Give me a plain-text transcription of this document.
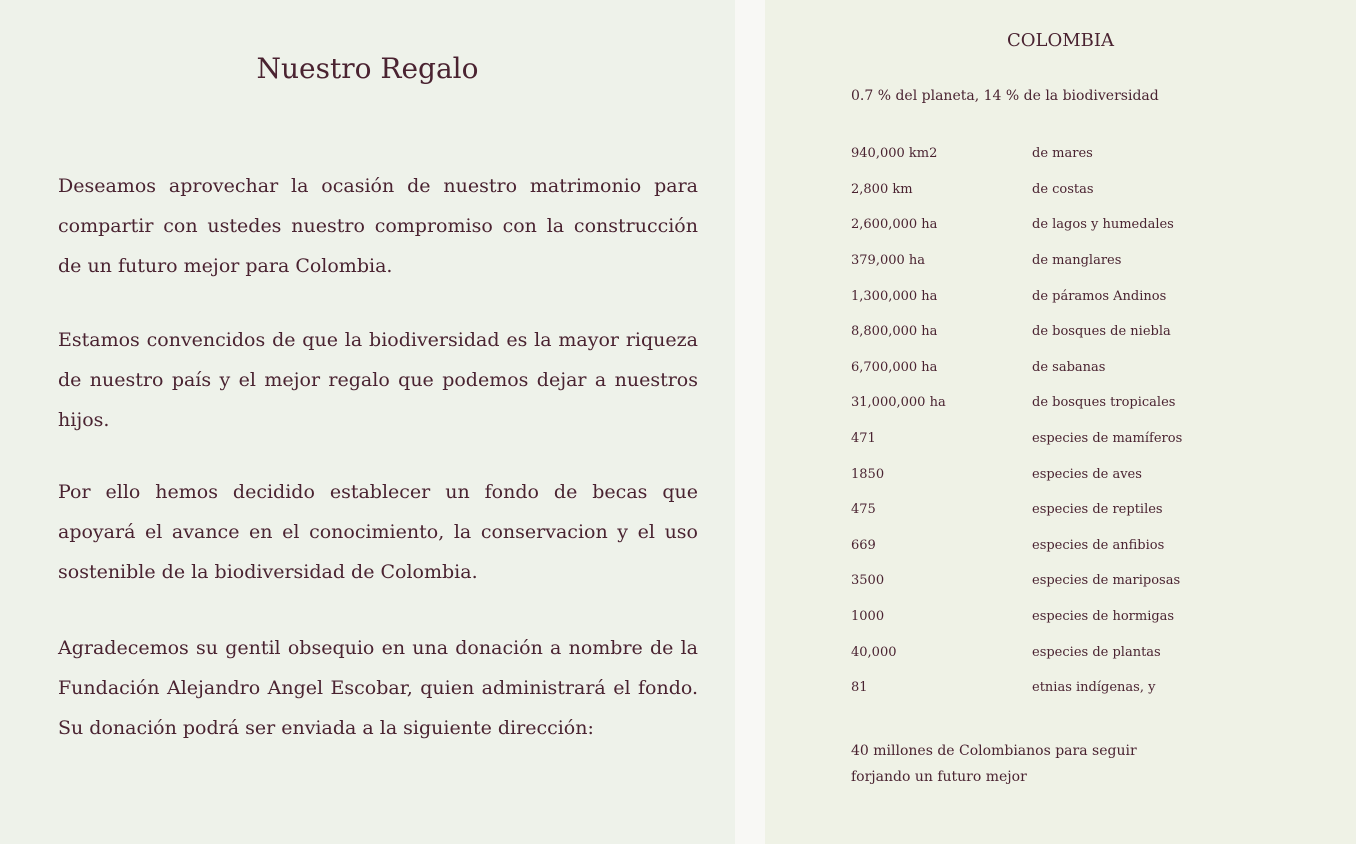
Nuestro Regalo

Deseamos aprovechar la ocasión de nuestro matrimonio para compartir con ustedes nuestro compromiso con la construcción de un futuro mejor para Colombia.

Estamos convencidos de que la biodiversidad es la mayor riqueza de nuestro país y el mejor regalo que podemos dejar a nuestros hijos.

Por ello hemos decidido establecer un fondo de becas que apoyará el avance en el conocimiento, la conservacion y el uso sostenible de la biodiversidad de Colombia.

Agradecemos su gentil obsequio en una donación a nombre de la Fundación Alejandro Angel Escobar, quien administrará el fondo. Su donación podrá ser enviada a la siguiente dirección:

COLOMBIA
0.7 % del planeta, 14 % de la biodiversidad
940,000 km2	de mares
2,800 km	de costas
2,600,000 ha	de lagos y humedales
379,000 ha	de manglares
1,300,000 ha	de páramos Andinos
8,800,000 ha	de bosques de niebla
6,700,000 ha	de sabanas
31,000,000 ha	de bosques tropicales
471	especies de mamíferos
1850	especies de aves
475	especies de reptiles
669	especies de anfibios
3500	especies de mariposas
1000	especies de hormigas
40,000	especies de plantas
81	etnias indígenas, y
40 millones de Colombianos para seguir forjando un futuro mejor
